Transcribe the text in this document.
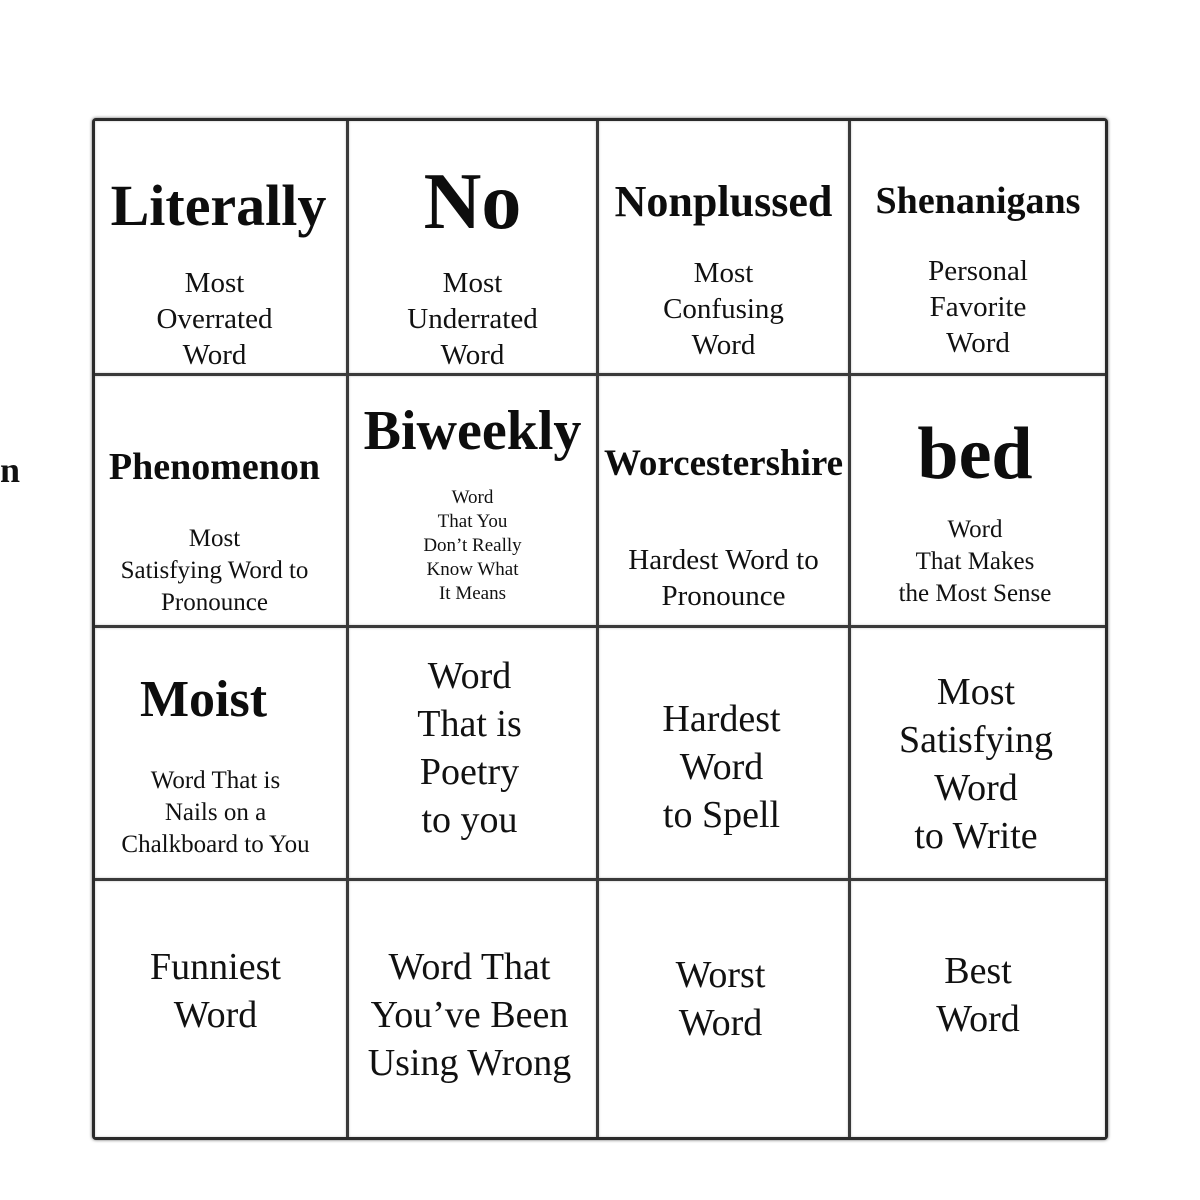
n
Literally
Most
Overrated
Word
No
Most
Underrated
Word
Nonplussed
Most
Confusing
Word
Shenanigans
Personal
Favorite
Word
Phenomenon
Most
Satisfying Word to
Pronounce
Biweekly
Word
That You
Don’t Really
Know What
It Means
Worcestershire
Hardest Word to
Pronounce
bed
Word
That Makes
the Most Sense
Moist
Word That is
Nails on a
Chalkboard to You
Word
That is
Poetry
to you
Hardest
Word
to Spell
Most
Satisfying
Word
to Write
Funniest
Word
Word That
You’ve Been
Using Wrong
Worst
Word
Best
Word
